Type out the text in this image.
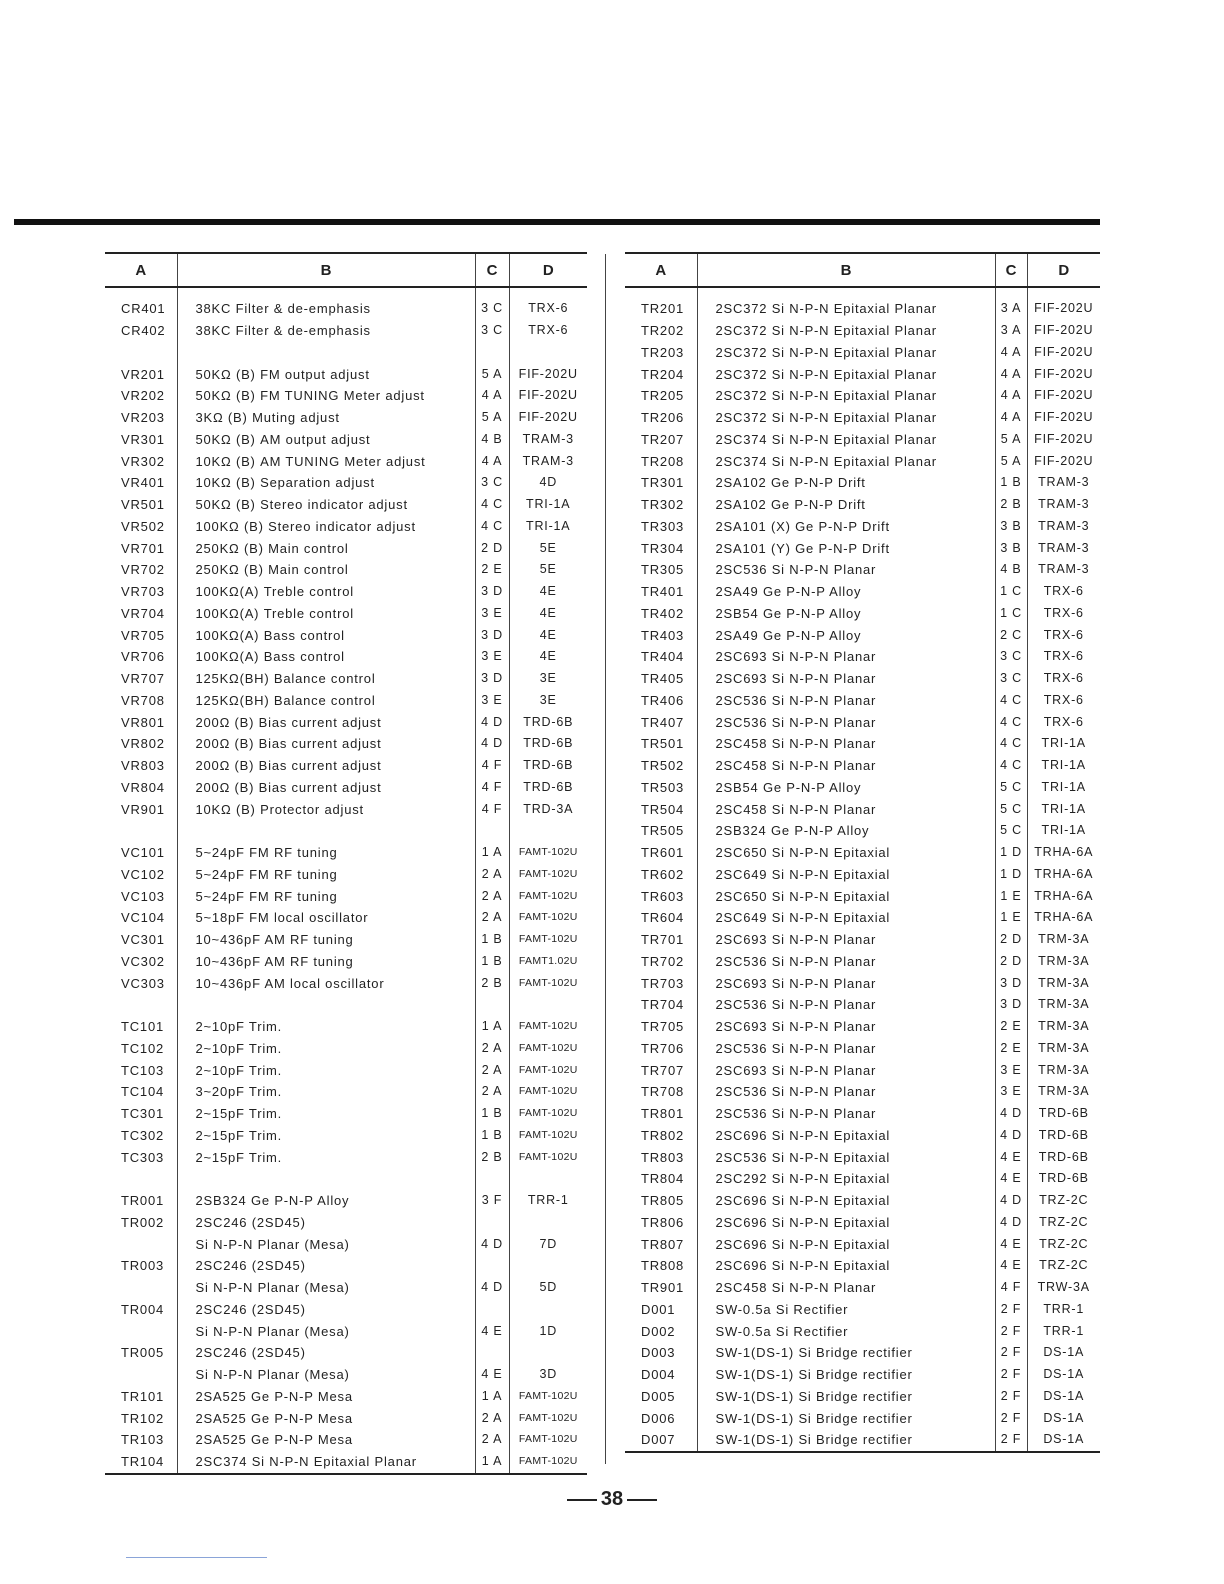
A	B	C	D
CR401	38KC Filter & de-emphasis	3 C	TRX-6
CR402	38KC Filter & de-emphasis	3 C	TRX-6

VR201	50KΩ (B) FM output adjust	5 A	FIF-202U
VR202	50KΩ (B) FM TUNING Meter adjust	4 A	FIF-202U
VR203	3KΩ (B) Muting adjust	5 A	FIF-202U
VR301	50KΩ (B) AM output adjust	4 B	TRAM-3
VR302	10KΩ (B) AM TUNING Meter adjust	4 A	TRAM-3
VR401	10KΩ (B) Separation adjust	3 C	4D
VR501	50KΩ (B) Stereo indicator adjust	4 C	TRI-1A
VR502	100KΩ (B) Stereo indicator adjust	4 C	TRI-1A
VR701	250KΩ (B) Main control	2 D	5E
VR702	250KΩ (B) Main control	2 E	5E
VR703	100KΩ(A) Treble control	3 D	4E
VR704	100KΩ(A) Treble control	3 E	4E
VR705	100KΩ(A) Bass control	3 D	4E
VR706	100KΩ(A) Bass control	3 E	4E
VR707	125KΩ(BH) Balance control	3 D	3E
VR708	125KΩ(BH) Balance control	3 E	3E
VR801	200Ω (B) Bias current adjust	4 D	TRD-6B
VR802	200Ω (B) Bias current adjust	4 D	TRD-6B
VR803	200Ω (B) Bias current adjust	4 F	TRD-6B
VR804	200Ω (B) Bias current adjust	4 F	TRD-6B
VR901	10KΩ (B) Protector adjust	4 F	TRD-3A

VC101	5~24pF FM RF tuning	1 A	FAMT-102U
VC102	5~24pF FM RF tuning	2 A	FAMT-102U
VC103	5~24pF FM RF tuning	2 A	FAMT-102U
VC104	5~18pF FM local oscillator	2 A	FAMT-102U
VC301	10~436pF AM RF tuning	1 B	FAMT-102U
VC302	10~436pF AM RF tuning	1 B	FAMT1.02U
VC303	10~436pF AM local oscillator	2 B	FAMT-102U

TC101	2~10pF Trim.	1 A	FAMT-102U
TC102	2~10pF Trim.	2 A	FAMT-102U
TC103	2~10pF Trim.	2 A	FAMT-102U
TC104	3~20pF Trim.	2 A	FAMT-102U
TC301	2~15pF Trim.	1 B	FAMT-102U
TC302	2~15pF Trim.	1 B	FAMT-102U
TC303	2~15pF Trim.	2 B	FAMT-102U

TR001	2SB324 Ge P-N-P Alloy	3 F	TRR-1
TR002	2SC246 (2SD45)		
	Si N-P-N Planar (Mesa)	4 D	7D
TR003	2SC246 (2SD45)		
	Si N-P-N Planar (Mesa)	4 D	5D
TR004	2SC246 (2SD45)		
	Si N-P-N Planar (Mesa)	4 E	1D
TR005	2SC246 (2SD45)		
	Si N-P-N Planar (Mesa)	4 E	3D
TR101	2SA525 Ge P-N-P Mesa	1 A	FAMT-102U
TR102	2SA525 Ge P-N-P Mesa	2 A	FAMT-102U
TR103	2SA525 Ge P-N-P Mesa	2 A	FAMT-102U
TR104	2SC374 Si N-P-N Epitaxial Planar	1 A	FAMT-102U
A	B	C	D
TR201	2SC372 Si N-P-N Epitaxial Planar	3 A	FIF-202U
TR202	2SC372 Si N-P-N Epitaxial Planar	3 A	FIF-202U
TR203	2SC372 Si N-P-N Epitaxial Planar	4 A	FIF-202U
TR204	2SC372 Si N-P-N Epitaxial Planar	4 A	FIF-202U
TR205	2SC372 Si N-P-N Epitaxial Planar	4 A	FIF-202U
TR206	2SC372 Si N-P-N Epitaxial Planar	4 A	FIF-202U
TR207	2SC374 Si N-P-N Epitaxial Planar	5 A	FIF-202U
TR208	2SC374 Si N-P-N Epitaxial Planar	5 A	FIF-202U
TR301	2SA102 Ge P-N-P Drift	1 B	TRAM-3
TR302	2SA102 Ge P-N-P Drift	2 B	TRAM-3
TR303	2SA101 (X) Ge P-N-P Drift	3 B	TRAM-3
TR304	2SA101 (Y) Ge P-N-P Drift	3 B	TRAM-3
TR305	2SC536 Si N-P-N Planar	4 B	TRAM-3
TR401	2SA49 Ge P-N-P Alloy	1 C	TRX-6
TR402	2SB54 Ge P-N-P Alloy	1 C	TRX-6
TR403	2SA49 Ge P-N-P Alloy	2 C	TRX-6
TR404	2SC693 Si N-P-N Planar	3 C	TRX-6
TR405	2SC693 Si N-P-N Planar	3 C	TRX-6
TR406	2SC536 Si N-P-N Planar	4 C	TRX-6
TR407	2SC536 Si N-P-N Planar	4 C	TRX-6
TR501	2SC458 Si N-P-N Planar	4 C	TRI-1A
TR502	2SC458 Si N-P-N Planar	4 C	TRI-1A
TR503	2SB54 Ge P-N-P Alloy	5 C	TRI-1A
TR504	2SC458 Si N-P-N Planar	5 C	TRI-1A
TR505	2SB324 Ge P-N-P Alloy	5 C	TRI-1A
TR601	2SC650 Si N-P-N Epitaxial	1 D	TRHA-6A
TR602	2SC649 Si N-P-N Epitaxial	1 D	TRHA-6A
TR603	2SC650 Si N-P-N Epitaxial	1 E	TRHA-6A
TR604	2SC649 Si N-P-N Epitaxial	1 E	TRHA-6A
TR701	2SC693 Si N-P-N Planar	2 D	TRM-3A
TR702	2SC536 Si N-P-N Planar	2 D	TRM-3A
TR703	2SC693 Si N-P-N Planar	3 D	TRM-3A
TR704	2SC536 Si N-P-N Planar	3 D	TRM-3A
TR705	2SC693 Si N-P-N Planar	2 E	TRM-3A
TR706	2SC536 Si N-P-N Planar	2 E	TRM-3A
TR707	2SC693 Si N-P-N Planar	3 E	TRM-3A
TR708	2SC536 Si N-P-N Planar	3 E	TRM-3A
TR801	2SC536 Si N-P-N Planar	4 D	TRD-6B
TR802	2SC696 Si N-P-N Epitaxial	4 D	TRD-6B
TR803	2SC536 Si N-P-N Epitaxial	4 E	TRD-6B
TR804	2SC292 Si N-P-N Epitaxial	4 E	TRD-6B
TR805	2SC696 Si N-P-N Epitaxial	4 D	TRZ-2C
TR806	2SC696 Si N-P-N Epitaxial	4 D	TRZ-2C
TR807	2SC696 Si N-P-N Epitaxial	4 E	TRZ-2C
TR808	2SC696 Si N-P-N Epitaxial	4 E	TRZ-2C
TR901	2SC458 Si N-P-N Planar	4 F	TRW-3A
D001	SW-0.5a Si Rectifier	2 F	TRR-1
D002	SW-0.5a Si Rectifier	2 F	TRR-1
D003	SW-1(DS-1) Si Bridge rectifier	2 F	DS-1A
D004	SW-1(DS-1) Si Bridge rectifier	2 F	DS-1A
D005	SW-1(DS-1) Si Bridge rectifier	2 F	DS-1A
D006	SW-1(DS-1) Si Bridge rectifier	2 F	DS-1A
D007	SW-1(DS-1) Si Bridge rectifier	2 F	DS-1A
38
